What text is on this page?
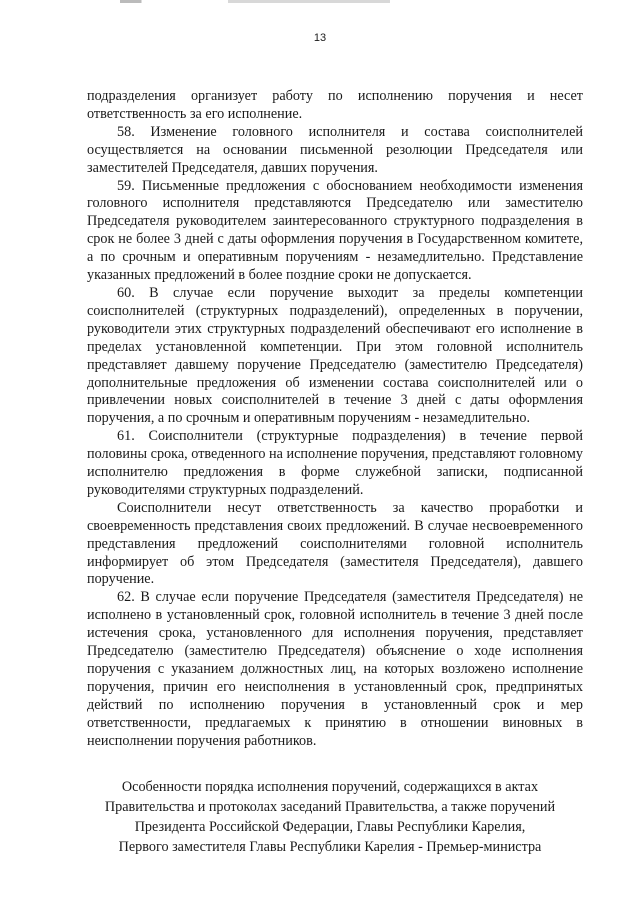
13

подразделения организует работу по исполнению поручения и несет ответственность за его исполнение.

58. Изменение головного исполнителя и состава соисполнителей осуществляется на основании письменной резолюции Председателя или заместителей Председателя, давших поручения.

59. Письменные предложения с обоснованием необходимости изменения головного исполнителя представляются Председателю или заместителю Председателя руководителем заинтересованного структурного подразделения в срок не более 3 дней с даты оформления поручения в Государственном комитете, а по срочным и оперативным поручениям - незамедлительно. Представление указанных предложений в более поздние сроки не допускается.

60. В случае если поручение выходит за пределы компетенции соисполнителей (структурных подразделений), определенных в поручении, руководители этих структурных подразделений обеспечивают его исполнение в пределах установленной компетенции. При этом головной исполнитель представляет давшему поручение Председателю (заместителю Председателя) дополнительные предложения об изменении состава соисполнителей или о привлечении новых соисполнителей в течение 3 дней с даты оформления поручения, а по срочным и оперативным поручениям - незамедлительно.

61. Соисполнители (структурные подразделения) в течение первой половины срока, отведенного на исполнение поручения, представляют головному исполнителю предложения в форме служебной записки, подписанной руководителями структурных подразделений.

Соисполнители несут ответственность за качество проработки и своевременность представления своих предложений. В случае несвоевременного представления предложений соисполнителями головной исполнитель информирует об этом Председателя (заместителя Председателя), давшего поручение.

62. В случае если поручение Председателя (заместителя Председателя) не исполнено в установленный срок, головной исполнитель в течение 3 дней после истечения срока, установленного для исполнения поручения, представляет Председателю (заместителю Председателя) объяснение о ходе исполнения поручения с указанием должностных лиц, на которых возложено исполнение поручения, причин его неисполнения в установленный срок, предпринятых действий по исполнению поручения в установленный срок и мер ответственности, предлагаемых к принятию в отношении виновных в неисполнении поручения работников.

Особенности порядка исполнения поручений, содержащихся в актах
Правительства и протоколах заседаний Правительства, а также поручений
Президента Российской Федерации, Главы Республики Карелия,
Первого заместителя Главы Республики Карелия - Премьер-министра
